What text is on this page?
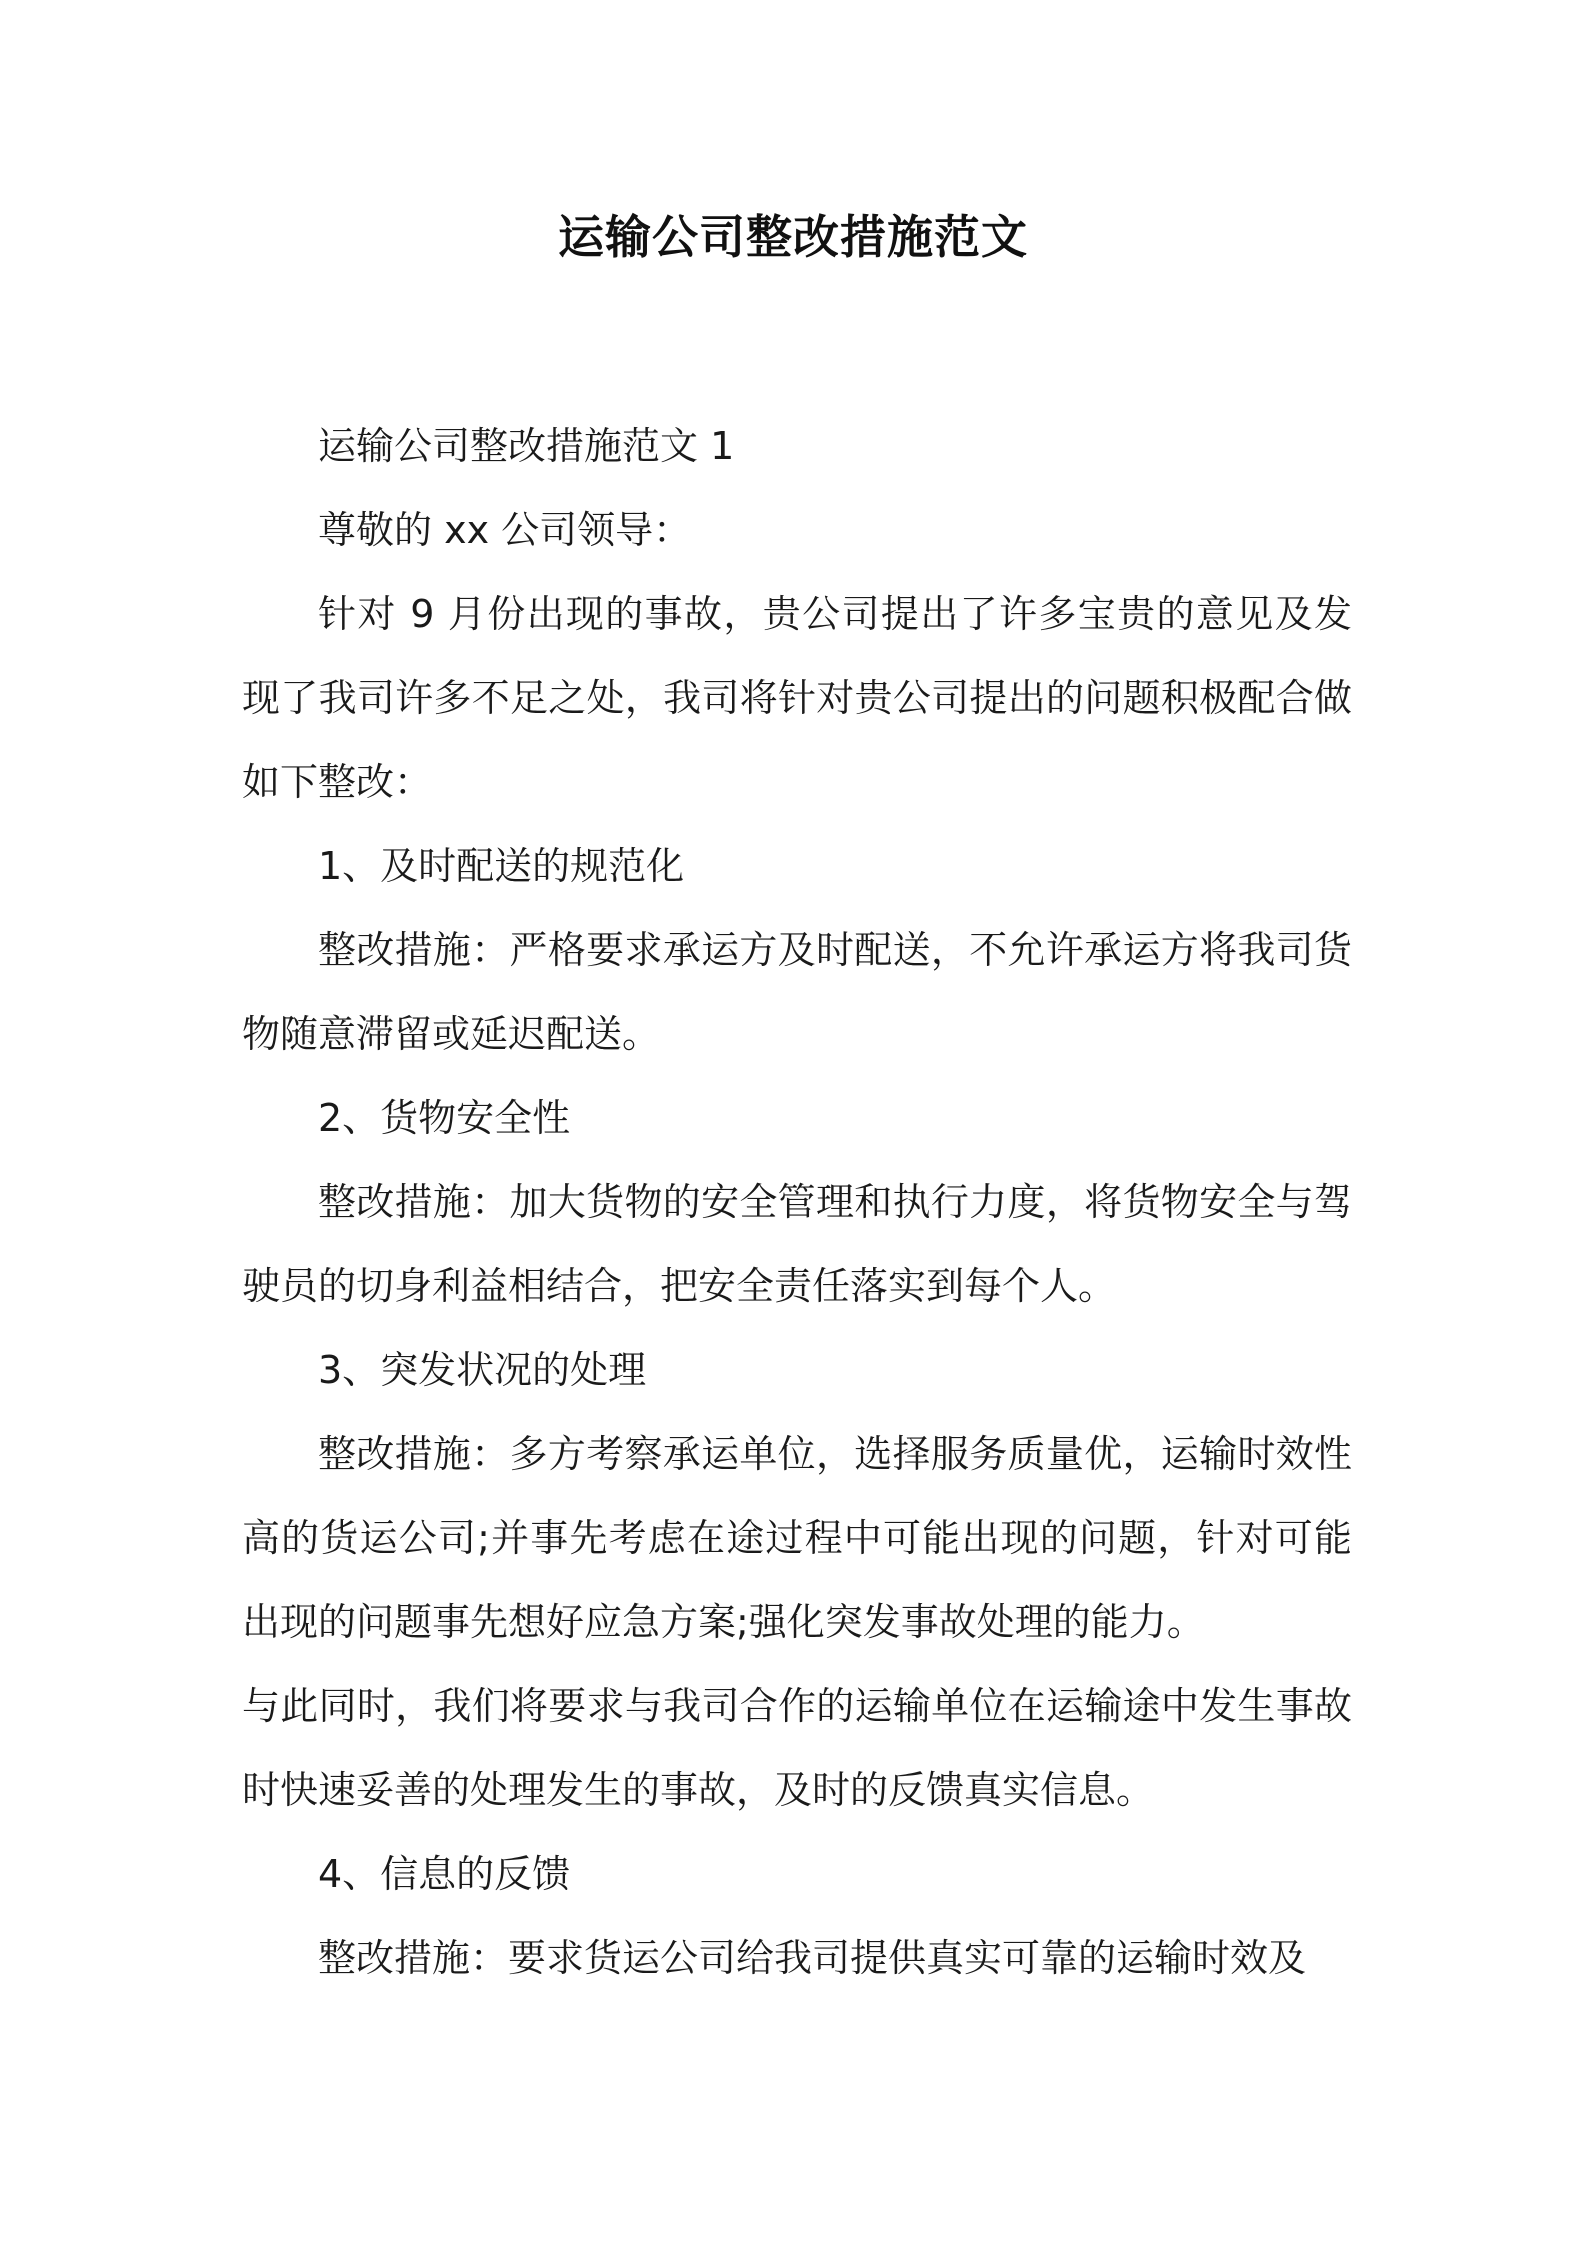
运输公司整改措施范文

运输公司整改措施范文 1

尊敬的 xx 公司领导：

针对 9 月份出现的事故，贵公司提出了许多宝贵的意见及发现了我司许多不足之处，我司将针对贵公司提出的问题积极配合做如下整改：

1、及时配送的规范化

整改措施：严格要求承运方及时配送，不允许承运方将我司货物随意滞留或延迟配送。

2、货物安全性

整改措施：加大货物的安全管理和执行力度，将货物安全与驾驶员的切身利益相结合，把安全责任落实到每个人。

3、突发状况的处理

整改措施：多方考察承运单位，选择服务质量优，运输时效性高的货运公司;并事先考虑在途过程中可能出现的问题，针对可能出现的问题事先想好应急方案;强化突发事故处理的能力。

与此同时，我们将要求与我司合作的运输单位在运输途中发生事故时快速妥善的处理发生的事故，及时的反馈真实信息。

4、信息的反馈

整改措施：要求货运公司给我司提供真实可靠的运输时效及
